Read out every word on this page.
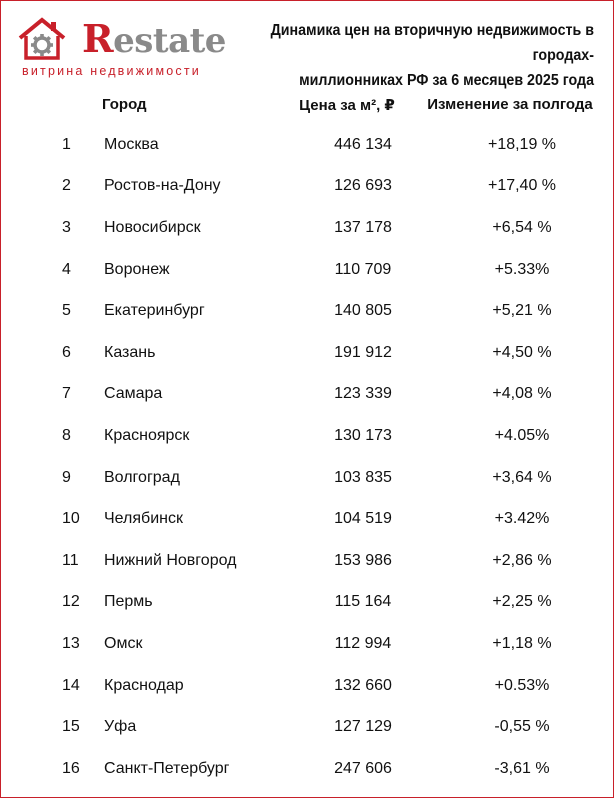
Restate
витрина недвижимости
Динамика цен на вторичную недвижимость в городах-
миллионниках РФ за 6 месяцев 2025 года
Город	Цена за м², ₽	Изменение за полгода
1	Москва	446 134	+18,19 %
2	Ростов-на-Дону	126 693	+17,40 %
3	Новосибирск	137 178	+6,54 %
4	Воронеж	110 709	+5.33%
5	Екатеринбург	140 805	+5,21 %
6	Казань	191 912	+4,50 %
7	Самара	123 339	+4,08 %
8	Красноярск	130 173	+4.05%
9	Волгоград	103 835	+3,64 %
10	Челябинск	104 519	+3.42%
11	Нижний Новгород	153 986	+2,86 %
12	Пермь	115 164	+2,25 %
13	Омск	112 994	+1,18 %
14	Краснодар	132 660	+0.53%
15	Уфа	127 129	-0,55 %
16	Санкт-Петербург	247 606	-3,61 %
